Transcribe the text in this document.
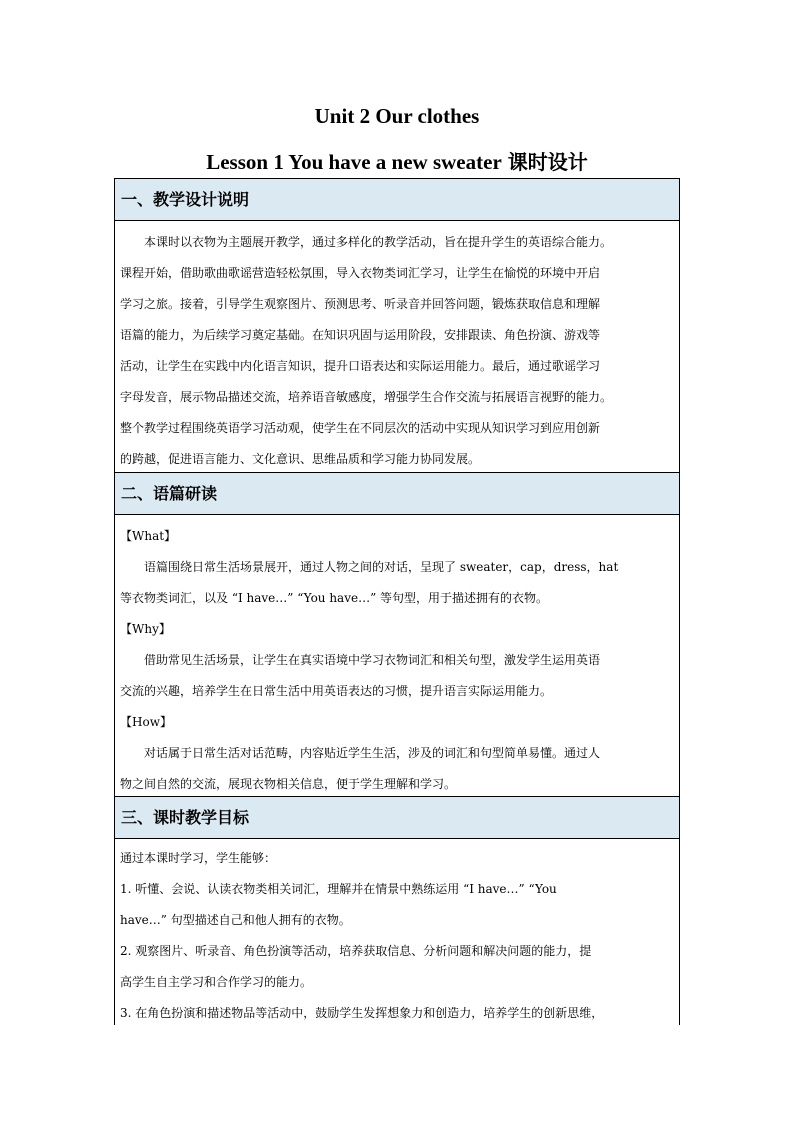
Unit 2 Our clothes
Lesson 1 You have a new sweater 课时设计
一、教学设计说明
本课时以衣物为主题展开教学，通过多样化的教学活动，旨在提升学生的英语综合能力。
课程开始，借助歌曲歌谣营造轻松氛围，导入衣物类词汇学习，让学生在愉悦的环境中开启
学习之旅。接着，引导学生观察图片、预测思考、听录音并回答问题，锻炼获取信息和理解
语篇的能力，为后续学习奠定基础。在知识巩固与运用阶段，安排跟读、角色扮演、游戏等
活动，让学生在实践中内化语言知识，提升口语表达和实际运用能力。最后，通过歌谣学习
字母发音，展示物品描述交流，培养语音敏感度，增强学生合作交流与拓展语言视野的能力。
整个教学过程围绕英语学习活动观，使学生在不同层次的活动中实现从知识学习到应用创新
的跨越，促进语言能力、文化意识、思维品质和学习能力协同发展。
二、语篇研读
【What】
语篇围绕日常生活场景展开，通过人物之间的对话，呈现了 sweater，cap，dress，hat
等衣物类词汇，以及 “I have…” “You have…” 等句型，用于描述拥有的衣物。
【Why】
借助常见生活场景，让学生在真实语境中学习衣物词汇和相关句型，激发学生运用英语
交流的兴趣，培养学生在日常生活中用英语表达的习惯，提升语言实际运用能力。
【How】
对话属于日常生活对话范畴，内容贴近学生生活，涉及的词汇和句型简单易懂。通过人
物之间自然的交流，展现衣物相关信息，便于学生理解和学习。
三、课时教学目标
通过本课时学习，学生能够：
1. 听懂、会说、认读衣物类相关词汇，理解并在情景中熟练运用 “I have…” “You
have…” 句型描述自己和他人拥有的衣物。
2. 观察图片、听录音、角色扮演等活动，培养获取信息、分析问题和解决问题的能力，提
高学生自主学习和合作学习的能力。
3. 在角色扮演和描述物品等活动中，鼓励学生发挥想象力和创造力，培养学生的创新思维，
